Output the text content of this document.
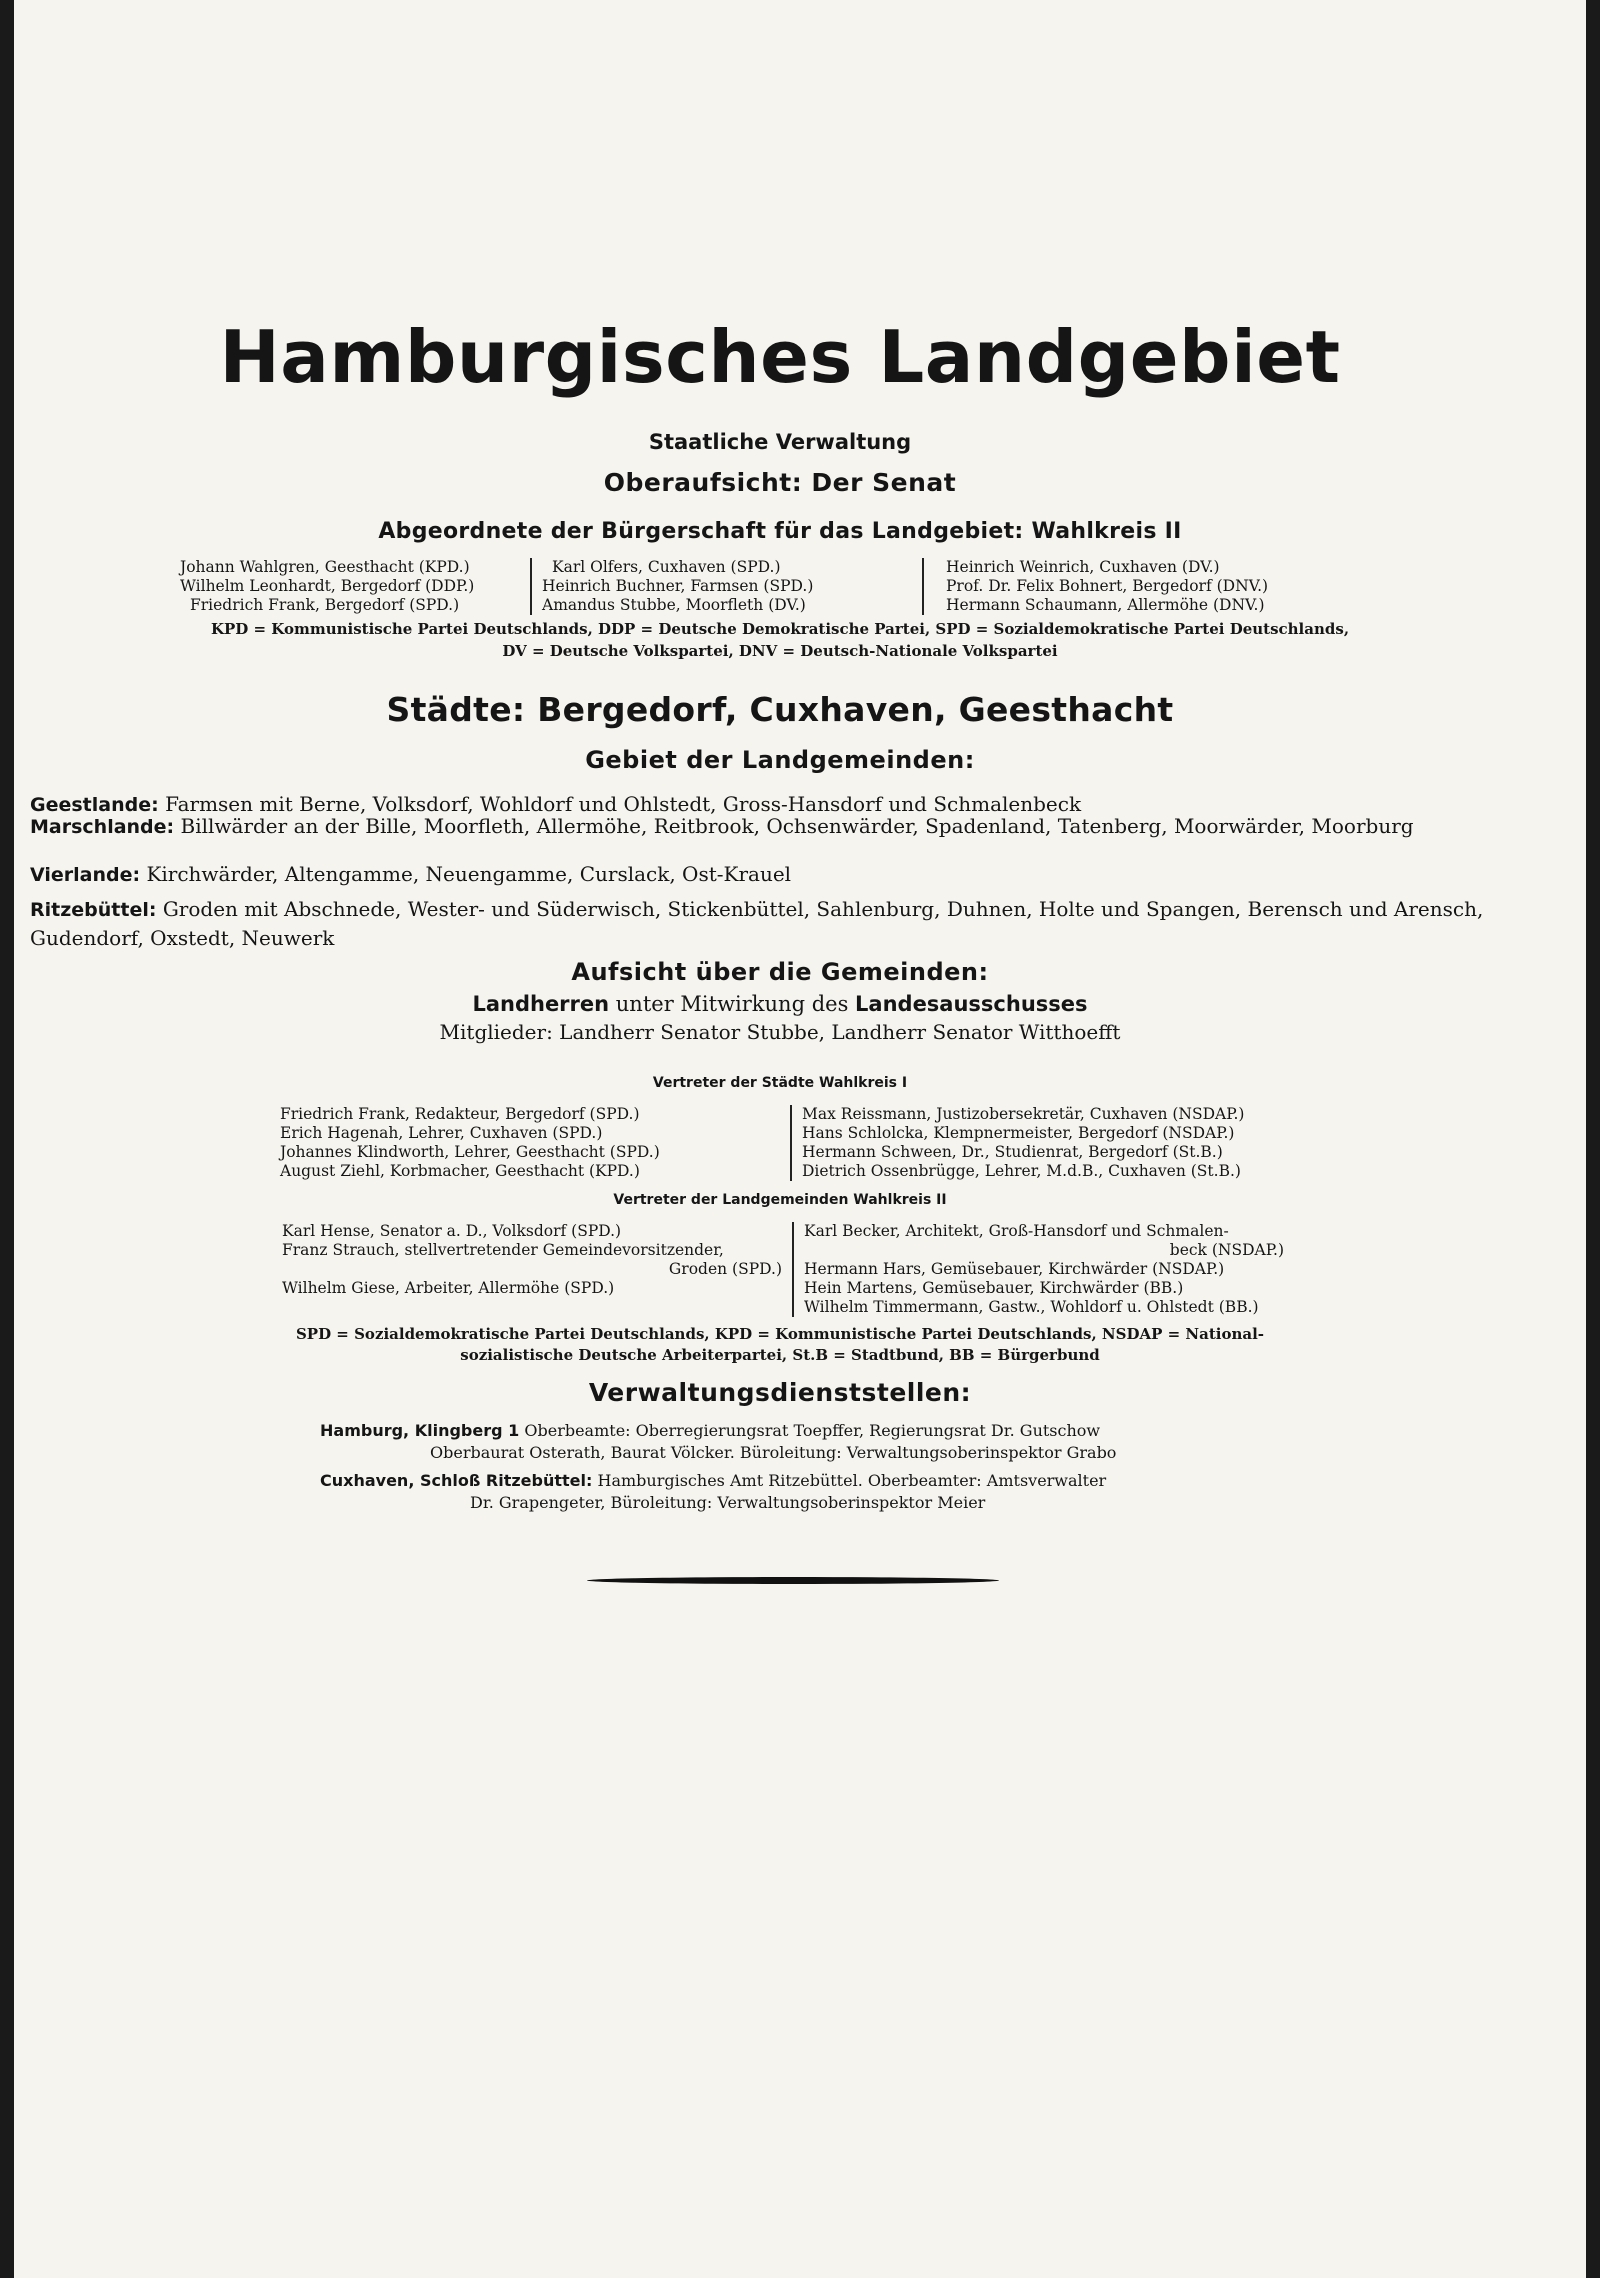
Hamburgisches Landgebiet
Staatliche Verwaltung
Oberaufsicht: Der Senat
Abgeordnete der Bürgerschaft für das Landgebiet: Wahlkreis II
Johann Wahlgren, Geesthacht (KPD.)
Wilhelm Leonhardt, Bergedorf (DDP.)
Friedrich Frank, Bergedorf (SPD.)
Karl Olfers, Cuxhaven (SPD.)
Heinrich Buchner, Farmsen (SPD.)
Amandus Stubbe, Moorfleth (DV.)
Heinrich Weinrich, Cuxhaven (DV.)
Prof. Dr. Felix Bohnert, Bergedorf (DNV.)
Hermann Schaumann, Allermöhe (DNV.)
KPD = Kommunistische Partei Deutschlands, DDP = Deutsche Demokratische Partei, SPD = Sozialdemokratische Partei Deutschlands,
DV = Deutsche Volkspartei, DNV = Deutsch-Nationale Volkspartei
Städte: Bergedorf, Cuxhaven, Geesthacht
Gebiet der Landgemeinden:
Geestlande: Farmsen mit Berne, Volksdorf, Wohldorf und Ohlstedt, Gross-Hansdorf und Schmalenbeck
Marschlande: Billwärder an der Bille, Moorfleth, Allermöhe, Reitbrook, Ochsenwärder, Spadenland, Tatenberg, Moorwärder, Moorburg
Vierlande: Kirchwärder, Altengamme, Neuengamme, Curslack, Ost-Krauel
Ritzebüttel: Groden mit Abschnede, Wester- und Süderwisch, Stickenbüttel, Sahlenburg, Duhnen, Holte und Spangen, Berensch und Arensch, Gudendorf, Oxstedt, Neuwerk
Aufsicht über die Gemeinden:
Landherren unter Mitwirkung des Landesausschusses
Mitglieder: Landherr Senator Stubbe, Landherr Senator Witthoefft
Vertreter der Städte Wahlkreis I
Friedrich Frank, Redakteur, Bergedorf (SPD.)
Erich Hagenah, Lehrer, Cuxhaven (SPD.)
Johannes Klindworth, Lehrer, Geesthacht (SPD.)
August Ziehl, Korbmacher, Geesthacht (KPD.)
Max Reissmann, Justizobersekretär, Cuxhaven (NSDAP.)
Hans Schlolcka, Klempnermeister, Bergedorf (NSDAP.)
Hermann Schween, Dr., Studienrat, Bergedorf (St.B.)
Dietrich Ossenbrügge, Lehrer, M.d.B., Cuxhaven (St.B.)
Vertreter der Landgemeinden Wahlkreis II
Karl Hense, Senator a. D., Volksdorf (SPD.)
Franz Strauch, stellvertretender Gemeindevorsitzender,
Groden (SPD.)
Wilhelm Giese, Arbeiter, Allermöhe (SPD.)
Karl Becker, Architekt, Groß-Hansdorf und Schmalen-
beck (NSDAP.)
Hermann Hars, Gemüsebauer, Kirchwärder (NSDAP.)
Hein Martens, Gemüsebauer, Kirchwärder (BB.)
Wilhelm Timmermann, Gastw., Wohldorf u. Ohlstedt (BB.)
SPD = Sozialdemokratische Partei Deutschlands, KPD = Kommunistische Partei Deutschlands, NSDAP = National-
sozialistische Deutsche Arbeiterpartei, St.B = Stadtbund, BB = Bürgerbund
Verwaltungsdienststellen:
Hamburg, Klingberg 1 Oberbeamte: Oberregierungsrat Toepffer, Regierungsrat Dr. Gutschow
Oberbaurat Osterath, Baurat Völcker. Büroleitung: Verwaltungsoberinspektor Grabo
Cuxhaven, Schloß Ritzebüttel: Hamburgisches Amt Ritzebüttel. Oberbeamter: Amtsverwalter
Dr. Grapengeter, Büroleitung: Verwaltungsoberinspektor Meier
